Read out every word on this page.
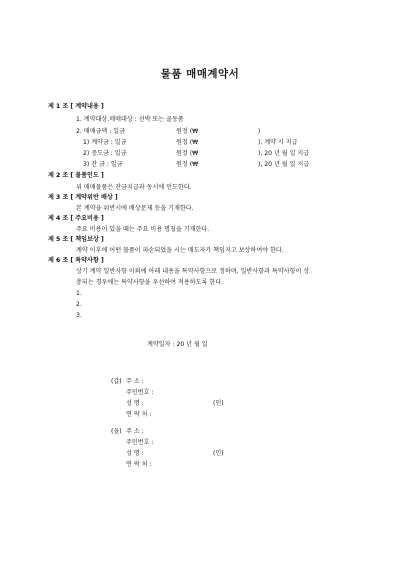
물품 매매계약서
제 1 조 [ 계약내용 ]
1. 계약대상.매매대상 : 선박 또는 골동품
2. 매매금액 : 일금	원정 (₩	)
1) 계약금 : 일금	원정 (₩	), 계약 시 지급
2) 중도금 : 일금	원정 (₩	), 20 년 월 일 지급
3) 잔 금 : 일금	원정 (₩	), 20 년 월 일 지급
제 2 조 [ 물품인도 ]
위 매매물품은 잔금지급과 동시에 인도한다.
제 3 조 [ 계약위반 배상 ]
본 계약을 위반시에 배상문제 등을 기재한다.
제 4 조 [ 주요비용 ]
주요 비용이 있을 때는 주요 비용 명칭을 기재한다.
제 5 조 [ 책임보상 ]
계약 이후에 어떤 물품이 파손되었을 시는 매도자가 책임지고 보상하여야 한다.
제 6 조 [ 특약사항 ]
상기 계약 일반사항 이외에 아래 내용을 특약사항으로 정하며, 일반사항과 특약사항이 상
충되는 경우에는 특약사항을 우선하여 적용하도록 한다.
1.
2.
3.
계약일자 : 20 년 월 일
(갑) 주 소 :
주민번호 :
성 명 :	(인)
연 락 처 :
(을) 주 소 :
주민번호 :
성 명 :	(인)
연 락 처 :
